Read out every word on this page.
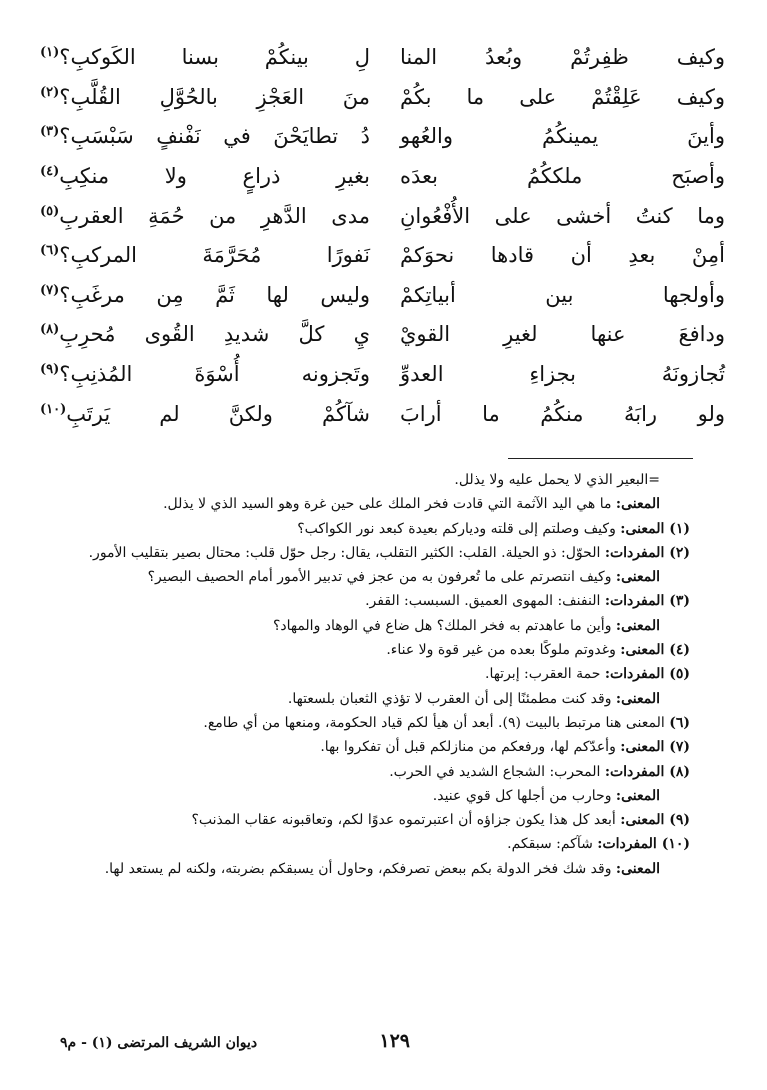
وكيف ظفِرتُمْ وبُعدُ المنا
لِ بينكُمْ بسنا الكَوكبِ؟$^{(١)}$
وكيف عَلِقْتُمْ على ما بكُمْ
منَ العَجْزِ بالحُوَّلِ القُلَّبِ؟$^{(٢)}$
وأينَ يمينكُمُ والعُهو
دُ تطايَحْنَ في نَفْنفٍ سَبْسَبِ؟$^{(٣)}$
وأصبَح ملككُمُ بعدَه
بغيرِ ذراعٍ ولا منكِبِ$^{(٤)}$
وما كنتُ أخشى على الأُفْعُوانِ
مدى الدَّهرِ من حُمَةِ العقربِ$^{(٥)}$
أمِنْ بعدِ أن قادها نحوَكمْ
نَفورًا مُحَرَّمَةَ المركبِ؟$^{(٦)}$
وأولجها بين أبياتِكمْ
وليس لها ثَمَّ مِن مرغَبِ؟$^{(٧)}$
ودافعَ عنها لغيرِ القويْ
يِ كلَّ شديدِ القُوى مُحرِبِ$^{(٨)}$
تُجازونَهُ بجزاءِ العدوِّ
وتَجزونه أُسْوَةَ المُذنِبِ؟$^{(٩)}$
ولو رابَهُ منكُمُ ما أرابَ
شآكُمْ ولكنَّ لم يَرتَبِ$^{(١٠)}$

=البعير الذي لا يحمل عليه ولا يذلل.

المعنى: ما هي اليد الآثمة التي قادت فخر الملك على حين غرة وهو السيد الذي لا يذلل.

(١) المعنى: وكيف وصلتم إلى قلته ودياركم بعيدة كبعد نور الكواكب؟

(٢) المفردات: الحوّل: ذو الحيلة. القلب: الكثير التقلب، يقال: رجل حوّل قلب: محتال بصير بتقليب الأمور.

المعنى: وكيف انتصرتم على ما تُعرفون به من عجز في تدبير الأمور أمام الحصيف البصير؟

(٣) المفردات: النفنف: المهوى العميق. السبسب: القفر.

المعنى: وأين ما عاهدتم به فخر الملك؟ هل ضاع في الوهاد والمهاد؟

(٤) المعنى: وغدوتم ملوكًا بعده من غير قوة ولا عناء.

(٥) المفردات: حمة العقرب: إبرتها.

المعنى: وقد كنت مطمئنًا إلى أن العقرب لا تؤذي الثعبان بلسعتها.

(٦) المعنى هنا مرتبط بالبيت (٩). أبعد أن هيأ لكم قياد الحكومة، ومنعها من أي طامع.

(٧) المعنى: وأعدّكم لها، ورفعكم من منازلكم قبل أن تفكروا بها.

(٨) المفردات: المحرب: الشجاع الشديد في الحرب.

المعنى: وحارب من أجلها كل قوي عنيد.

(٩) المعنى: أبعد كل هذا يكون جزاؤه أن اعتبرتموه عدوًا لكم، وتعاقبونه عقاب المذنب؟

(١٠) المفردات: شآكم: سبقكم.

المعنى: وقد شك فخر الدولة بكم ببعض تصرفكم، وحاول أن يسبقكم بضربته، ولكنه لم يستعد لها.

١٢٩
ديوان الشريف المرتضى (١) - م٩
